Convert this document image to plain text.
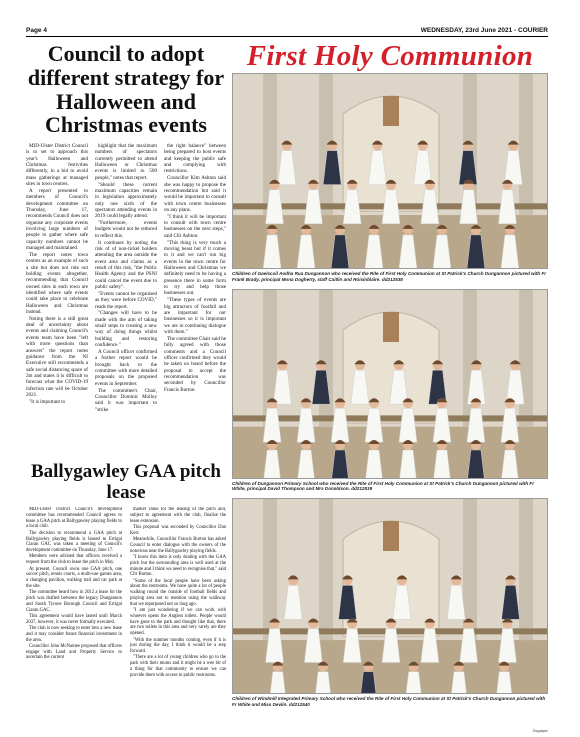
Page 4	WEDNESDAY, 23rd June 2021 - COURIER
Council to adopt different strategy for Halloween and Christmas events

MID-Ulster District Council is to set to approach this year's Halloween and Christmas festivities differently, in a bid to avoid mass gatherings at managed sites in town centres.

A report presented to members of Council's development committee on Thursday, June 17, recommends Council does not organise any corporate events involving large numbers of people to gather where safe capacity numbers cannot be managed and maintained.

The report notes town centres as an example of such a site but does not rule out holding events altogether, recommending that Council owned sites in each town are identified where safe events could take place to celebrate Halloween and Christmas instead.

Noting there is a still great deal of uncertainty about events and claiming Council's events team have been "left with more questions than answers" the report notes guidance from the NI Executive still recommends a safe social distancing space of 2m and states it is difficult to forecast what the COVID-19 infection rate will be October 2021.

"It is important to

highlight that the maximum numbers of spectators currently permitted to attend Halloween or Christmas events is limited to 500 people," notes that report.

"Should these current maximum capacities remain in legislation approximately only one sixth of the spectators attending events in 2019 could legally attend.

"Furthermore, events budgets would not be reduced to reflect this.

It continues by noting the risk of of non-ticket holders attending the area outside the event area and claims as a result of this risk, "the Public Health Agency and the PSNI could cancel the event due to public safety".

"Events cannot be organised as they were before COVID," reads the report.

"Changes will have to be made with the aim of taking small steps to creating a new way of doing things whilst building and restoring confidence."

A Council officer confirmed a further report would be brought back to the committee with more detailed proposals on the proposed events in September.

The committee's Chair, Councillor Dominic Molloy said it was important to "strike

the right balance" between being prepared to host events and keeping the public safe and complying with restrictions.

Councillor Kim Ashton said she was happy to propose the recommendation but said it would be important to consult with town centre businesses on any plans.

"I think it will be important to consult with town centre businesses on the next steps," said Cllr Ashton.

"This thing is very much a moving beast but if it comes to it and we can't run big events in the town centre for Halloween and Christmas we definitely need to be having a presence there in some form to try and help those businesses out.

"These types of events are big attractors of footfall and are important for our businesses so it is important we are in continuing dialogue with them."

The committee Chair said he fully agreed with those comments and a Council officer confirmed they would be taken on board before the proposal to accept the recommendation was seconded by Councillor Francis Burton.

Ballygawley GAA pitch lease

MID-Ulster District Council's development committee has recommended Council agrees to lease a GAA pitch at Ballygawley playing fields to a local club.

The decision to recommend a GAA pitch at Ballygawley playing fields is leased to Errigal Ciaran GAC was taken a meeting of Council's development committee on Thursday, June 17.

Members were advised that officers received a request from the club to lease the pitch in May.

At present, Council owns one GAA pitch, one soccer pitch, tennis courts, a multi-use games area, a changing pavilion, walking trail and car park at the site.

The committee heard how in 2012 a lease for the pitch was drafted between the legacy Dungannon and South Tyrone Borough Council and Errigal Ciaran GAC.

This agreement would have lasted until March 2037, however, it was never formally executed.

The club is now seeking to enter into a new lease and it may consider future financial investment in the area.

Councillor John McNamee proposed that officers engage with Land and Property Service to ascertain the current

market value for the leasing of the pitch and, subject to agreement with the club, finalise the lease extension.

This proposal was seconded by Councillor Dan Kerr.

Meanwhile, Councillor Francis Burton has asked Council to enter dialogue with the owners of the notorious near the Ballygawley playing fields.

"I know this item is only dealing with the GAA pitch but the surrounding area is well used at the minute and I think we need to recognise that," said Cllr Burton.

"Some of the local people have been asking about the restrooms. We have quite a lot of people walking round the outside of football fields and playing area not to mention using the walkway that we repurposed not so long ago.

"I am just wondering if we can work with whoever opens the Anglers toilets. People would have gone to the park and thought like that, there are two toilets in this area and very rarely are they opened.

"With the summer months coming, even if it is just during the day, I think it would be a step forward.

"There are a lot of young children who go to the park with their mums and it might be a wee bit of a thing for that community to ensure we can provide them with access to public restrooms.

First Holy Communion
Children of Gaelscoil Aodha Rua Dungannon who received the Rite of First Holy Communion at St Patrick's Church Dungannon pictured with Fr Frank Brady, principal Mona Dogherty, staff Caitlin and Róisínbláire. dd212538
Children of Dungannon Primary School who received the Rite of First Holy Communion at St Patrick's Church Dungannon pictured with Fr White, principal David Thompson and Mrs Donaldson. dd212539
Children of Windmill Integrated Primary School who received the Rite of First Holy Communion at St Patrick's Church Dungannon pictured with Fr White and Miss Devlin. dd212540
Dsgalpic
